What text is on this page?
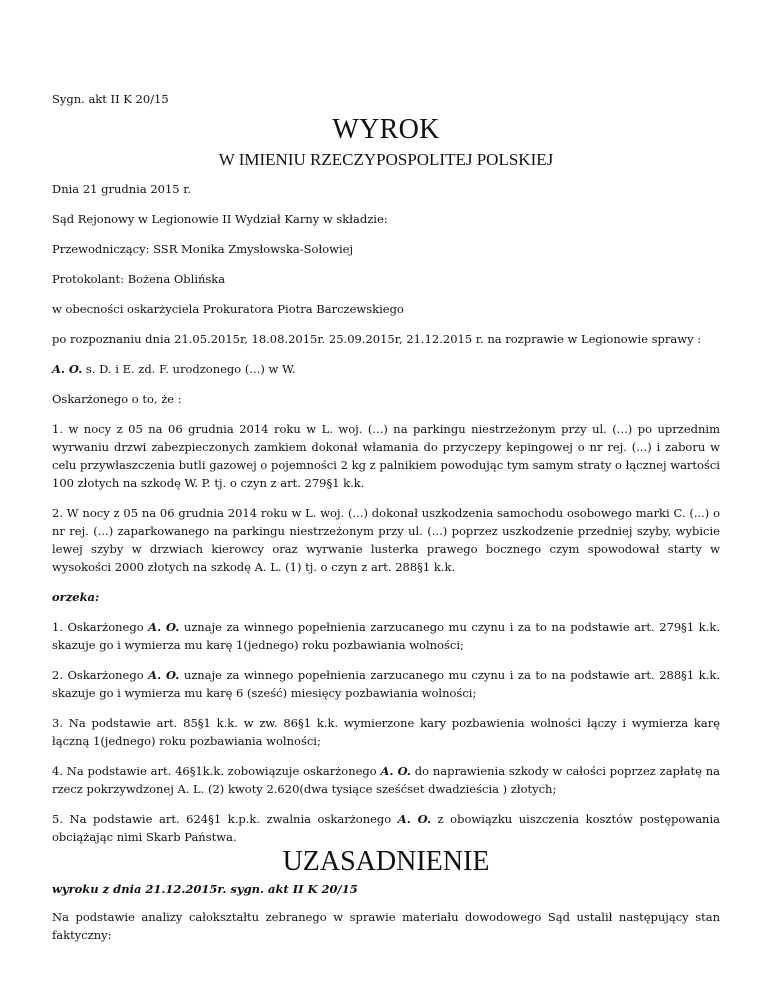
Sygn. akt II K 20/15

WYROK
W IMIENIU RZECZYPOSPOLITEJ POLSKIEJ

Dnia 21 grudnia 2015 r.

Sąd Rejonowy w Legionowie II Wydział Karny w składzie:

Przewodniczący: SSR Monika Zmysłowska-Sołowiej

Protokolant: Bożena Oblińska

w obecności oskarżyciela Prokuratora Piotra Barczewskiego

po rozpoznaniu dnia 21.05.2015r, 18.08.2015r. 25.09.2015r, 21.12.2015 r. na rozprawie w Legionowie sprawy :

A. O. s. D. i E. zd. F. urodzonego (...) w W.

Oskarżonego o to, że :

1. w nocy z 05 na 06 grudnia 2014 roku w L. woj. (...) na parkingu niestrzeżonym przy ul. (...) po uprzednim wyrwaniu drzwi zabezpieczonych zamkiem dokonał włamania do przyczepy kepingowej o nr rej. (...) i zaboru w celu przywłaszczenia butli gazowej o pojemności 2 kg z palnikiem powodując tym samym straty o łącznej wartości 100 złotych na szkodę W. P. tj. o czyn z art. 279§1 k.k.

2. W nocy z 05 na 06 grudnia 2014 roku w L. woj. (...) dokonał uszkodzenia samochodu osobowego marki C. (...) o nr rej. (...) zaparkowanego na parkingu niestrzeżonym przy ul. (...) poprzez uszkodzenie przedniej szyby, wybicie lewej szyby w drzwiach kierowcy oraz wyrwanie lusterka prawego bocznego czym spowodował starty w wysokości 2000 złotych na szkodę A. L. (1) tj. o czyn z art. 288§1 k.k.

orzeka:

1. Oskarżonego A. O. uznaje za winnego popełnienia zarzucanego mu czynu i za to na podstawie art. 279§1 k.k. skazuje go i wymierza mu karę 1(jednego) roku pozbawiania wolności;

2. Oskarżonego A. O. uznaje za winnego popełnienia zarzucanego mu czynu i za to na podstawie art. 288§1 k.k. skazuje go i wymierza mu karę 6 (sześć) miesięcy pozbawiania wolności;

3. Na podstawie art. 85§1 k.k. w zw. 86§1 k.k. wymierzone kary pozbawienia wolności łączy i wymierza karę łączną 1(jednego) roku pozbawiania wolności;

4. Na podstawie art. 46§1k.k. zobowiązuje oskarżonego A. O. do naprawienia szkody w całości poprzez zapłatę na rzecz pokrzywdzonej A. L. (2) kwoty 2.620(dwa tysiące sześćset dwadzieścia ) złotych;

5. Na podstawie art. 624§1 k.p.k. zwalnia oskarżonego A. O. z obowiązku uiszczenia kosztów postępowania obciążając nimi Skarb Państwa.

UZASADNIENIE

wyroku z dnia 21.12.2015r. sygn. akt II K 20/15

Na podstawie analizy całokształtu zebranego w sprawie materiału dowodowego Sąd ustalił następujący stan faktyczny:
